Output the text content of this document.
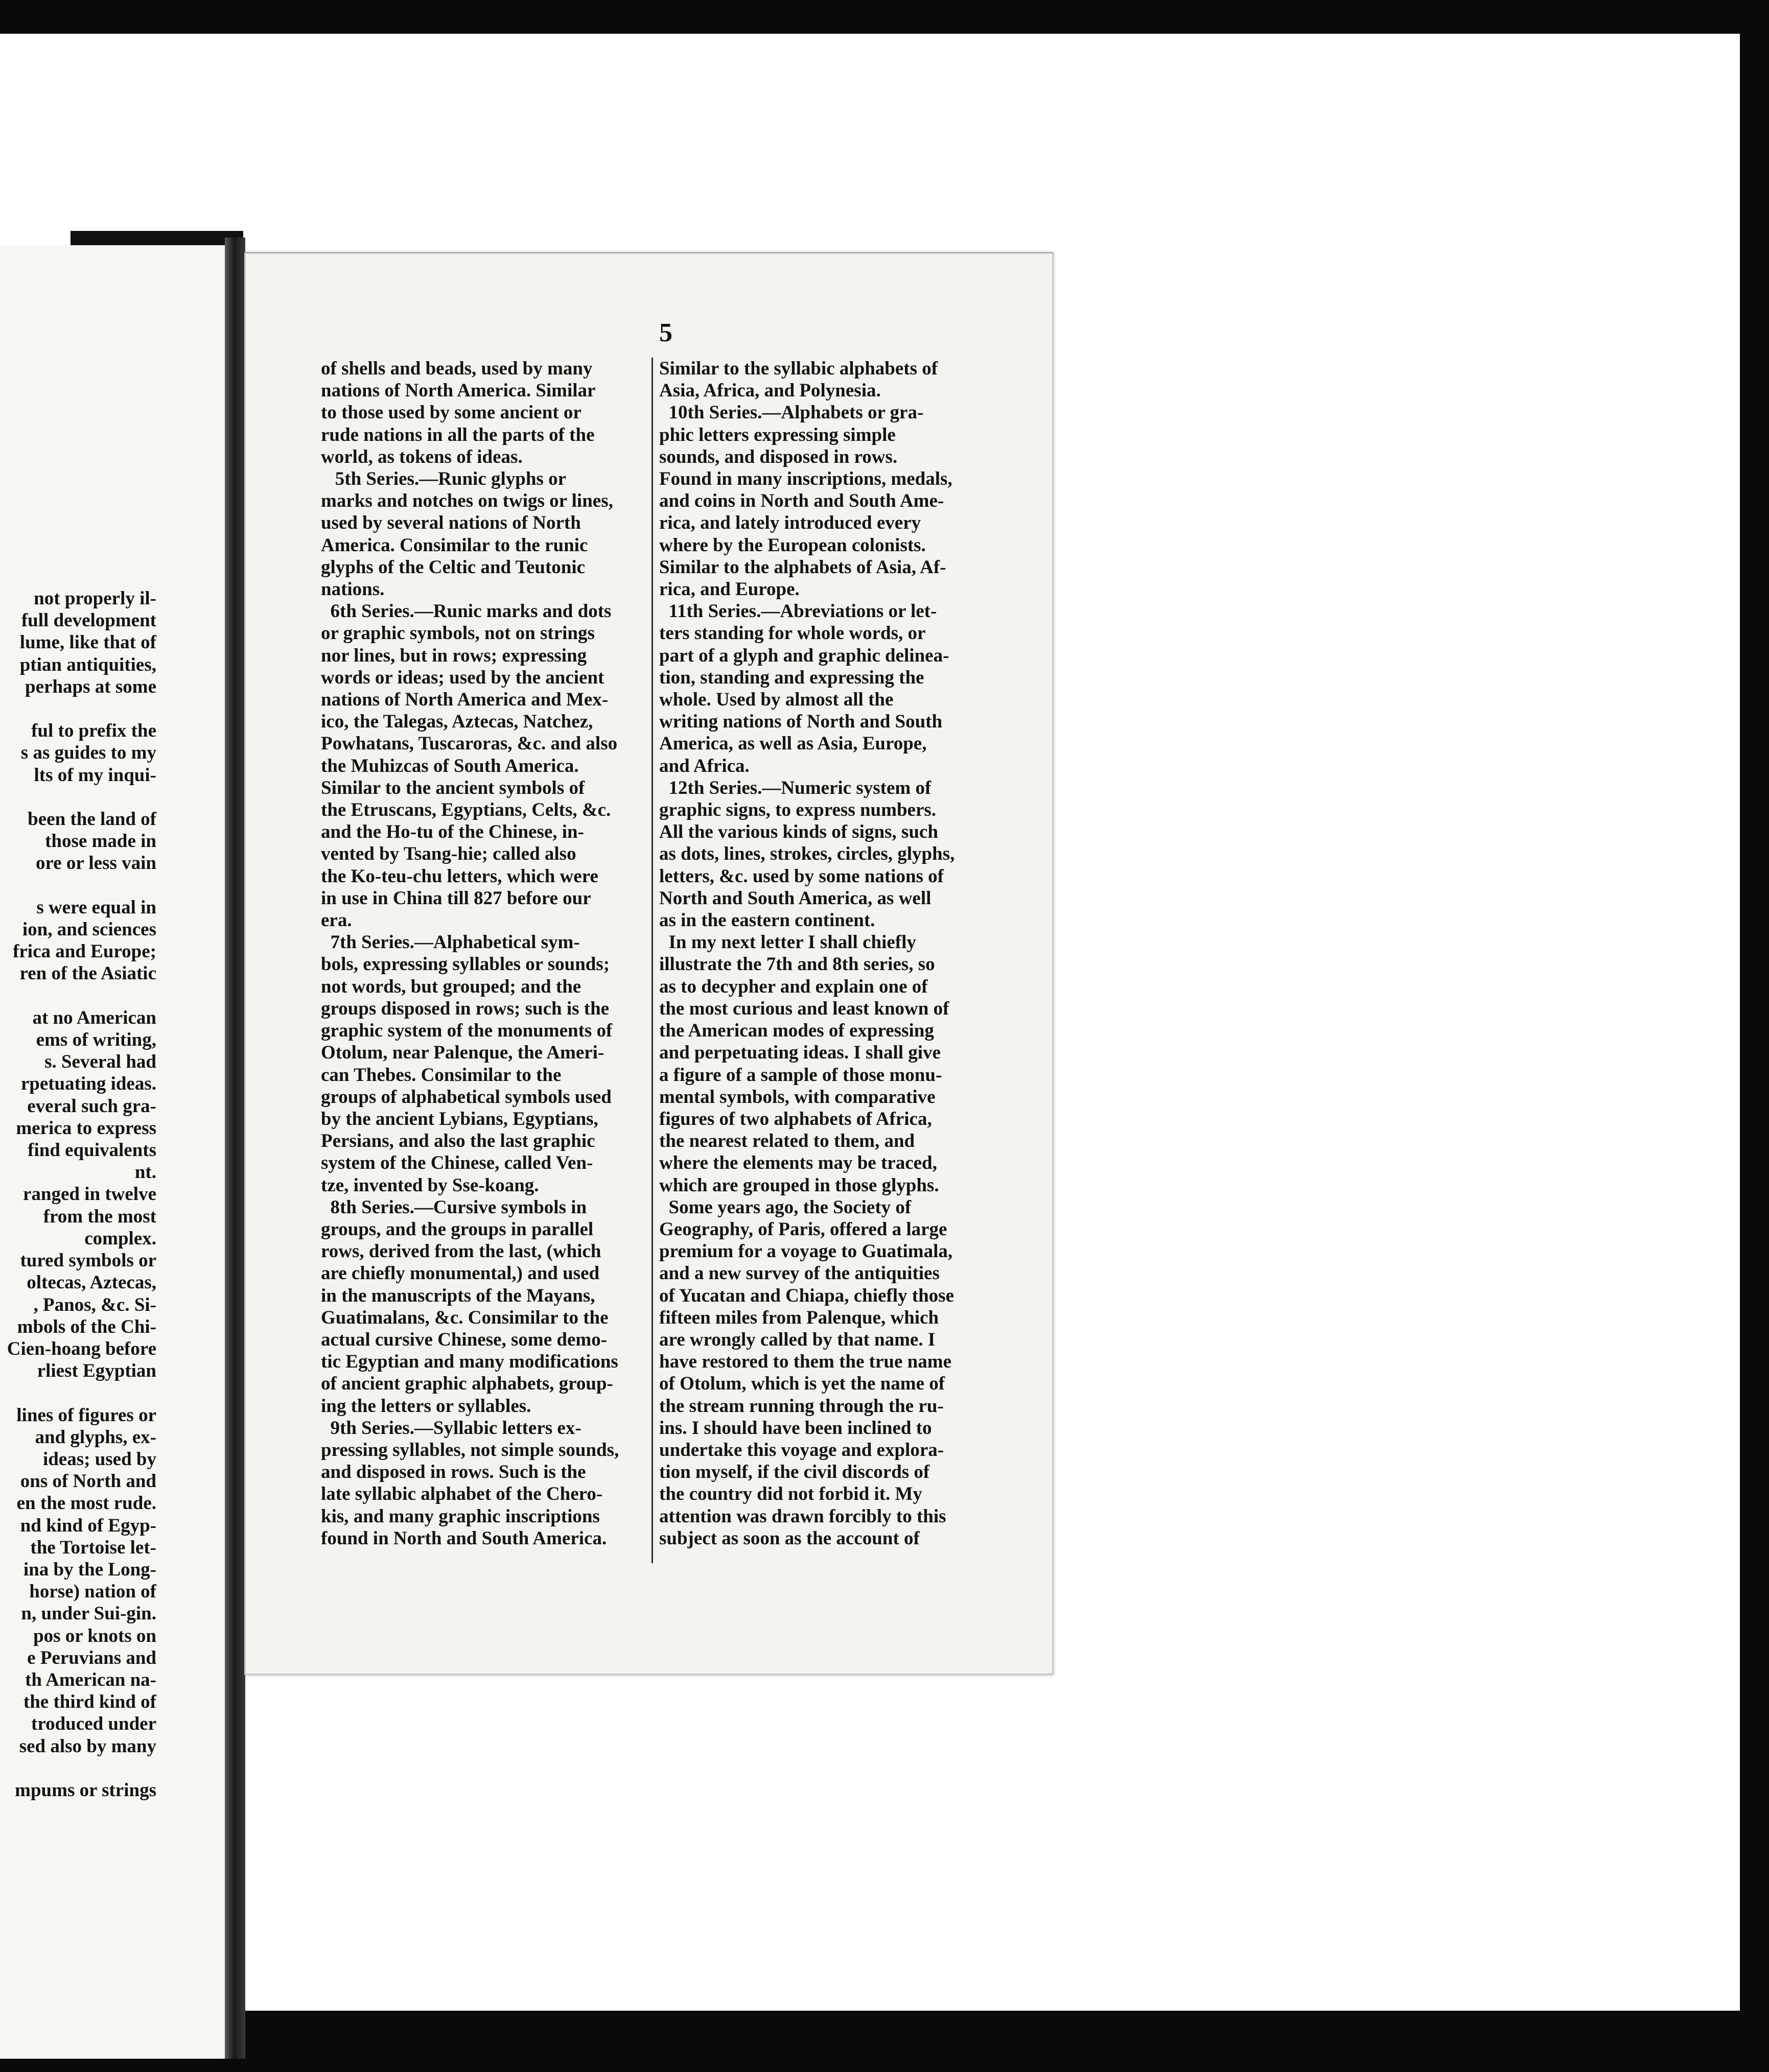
not properly il-
full development
lume, like that of
ptian antiquities,
perhaps at some

ful to prefix the
s as guides to my
lts of my inqui-

been the land of
those made in
ore or less vain

s were equal in
ion, and sciences
frica and Europe;
ren of the Asiatic

at no American
ems of writing,
s. Several had
rpetuating ideas.
everal such gra-
merica to express
find equivalents
nt.
ranged in twelve
from the most
complex.
tured symbols or
oltecas, Aztecas,
, Panos, &c. Si-
mbols of the Chi-
Cien-hoang before
rliest Egyptian

lines of figures or
and glyphs, ex-
ideas; used by
ons of North and
en the most rude.
nd kind of Egyp-
the Tortoise let-
ina by the Long-
horse) nation of
n, under Sui-gin.
pos or knots on
e Peruvians and
th American na-
the third kind of
troduced under
sed also by many

mpums or strings
5
of shells and beads, used by many
nations of North America. Similar
to those used by some ancient or
rude nations in all the parts of the
world, as tokens of ideas.
5th Series.—Runic glyphs or
marks and notches on twigs or lines,
used by several nations of North
America. Consimilar to the runic
glyphs of the Celtic and Teutonic
nations.
6th Series.—Runic marks and dots
or graphic symbols, not on strings
nor lines, but in rows; expressing
words or ideas; used by the ancient
nations of North America and Mex-
ico, the Talegas, Aztecas, Natchez,
Powhatans, Tuscaroras, &c. and also
the Muhizcas of South America.
Similar to the ancient symbols of
the Etruscans, Egyptians, Celts, &c.
and the Ho-tu of the Chinese, in-
vented by Tsang-hie; called also
the Ko-teu-chu letters, which were
in use in China till 827 before our
era.
7th Series.—Alphabetical sym-
bols, expressing syllables or sounds;
not words, but grouped; and the
groups disposed in rows; such is the
graphic system of the monuments of
Otolum, near Palenque, the Ameri-
can Thebes. Consimilar to the
groups of alphabetical symbols used
by the ancient Lybians, Egyptians,
Persians, and also the last graphic
system of the Chinese, called Ven-
tze, invented by Sse-koang.
8th Series.—Cursive symbols in
groups, and the groups in parallel
rows, derived from the last, (which
are chiefly monumental,) and used
in the manuscripts of the Mayans,
Guatimalans, &c. Consimilar to the
actual cursive Chinese, some demo-
tic Egyptian and many modifications
of ancient graphic alphabets, group-
ing the letters or syllables.
9th Series.—Syllabic letters ex-
pressing syllables, not simple sounds,
and disposed in rows. Such is the
late syllabic alphabet of the Chero-
kis, and many graphic inscriptions
found in North and South America.
Similar to the syllabic alphabets of
Asia, Africa, and Polynesia.
10th Series.—Alphabets or gra-
phic letters expressing simple
sounds, and disposed in rows.
Found in many inscriptions, medals,
and coins in North and South Ame-
rica, and lately introduced every
where by the European colonists.
Similar to the alphabets of Asia, Af-
rica, and Europe.
11th Series.—Abreviations or let-
ters standing for whole words, or
part of a glyph and graphic delinea-
tion, standing and expressing the
whole. Used by almost all the
writing nations of North and South
America, as well as Asia, Europe,
and Africa.
12th Series.—Numeric system of
graphic signs, to express numbers.
All the various kinds of signs, such
as dots, lines, strokes, circles, glyphs,
letters, &c. used by some nations of
North and South America, as well
as in the eastern continent.
In my next letter I shall chiefly
illustrate the 7th and 8th series, so
as to decypher and explain one of
the most curious and least known of
the American modes of expressing
and perpetuating ideas. I shall give
a figure of a sample of those monu-
mental symbols, with comparative
figures of two alphabets of Africa,
the nearest related to them, and
where the elements may be traced,
which are grouped in those glyphs.
Some years ago, the Society of
Geography, of Paris, offered a large
premium for a voyage to Guatimala,
and a new survey of the antiquities
of Yucatan and Chiapa, chiefly those
fifteen miles from Palenque, which
are wrongly called by that name. I
have restored to them the true name
of Otolum, which is yet the name of
the stream running through the ru-
ins. I should have been inclined to
undertake this voyage and explora-
tion myself, if the civil discords of
the country did not forbid it. My
attention was drawn forcibly to this
subject as soon as the account of
